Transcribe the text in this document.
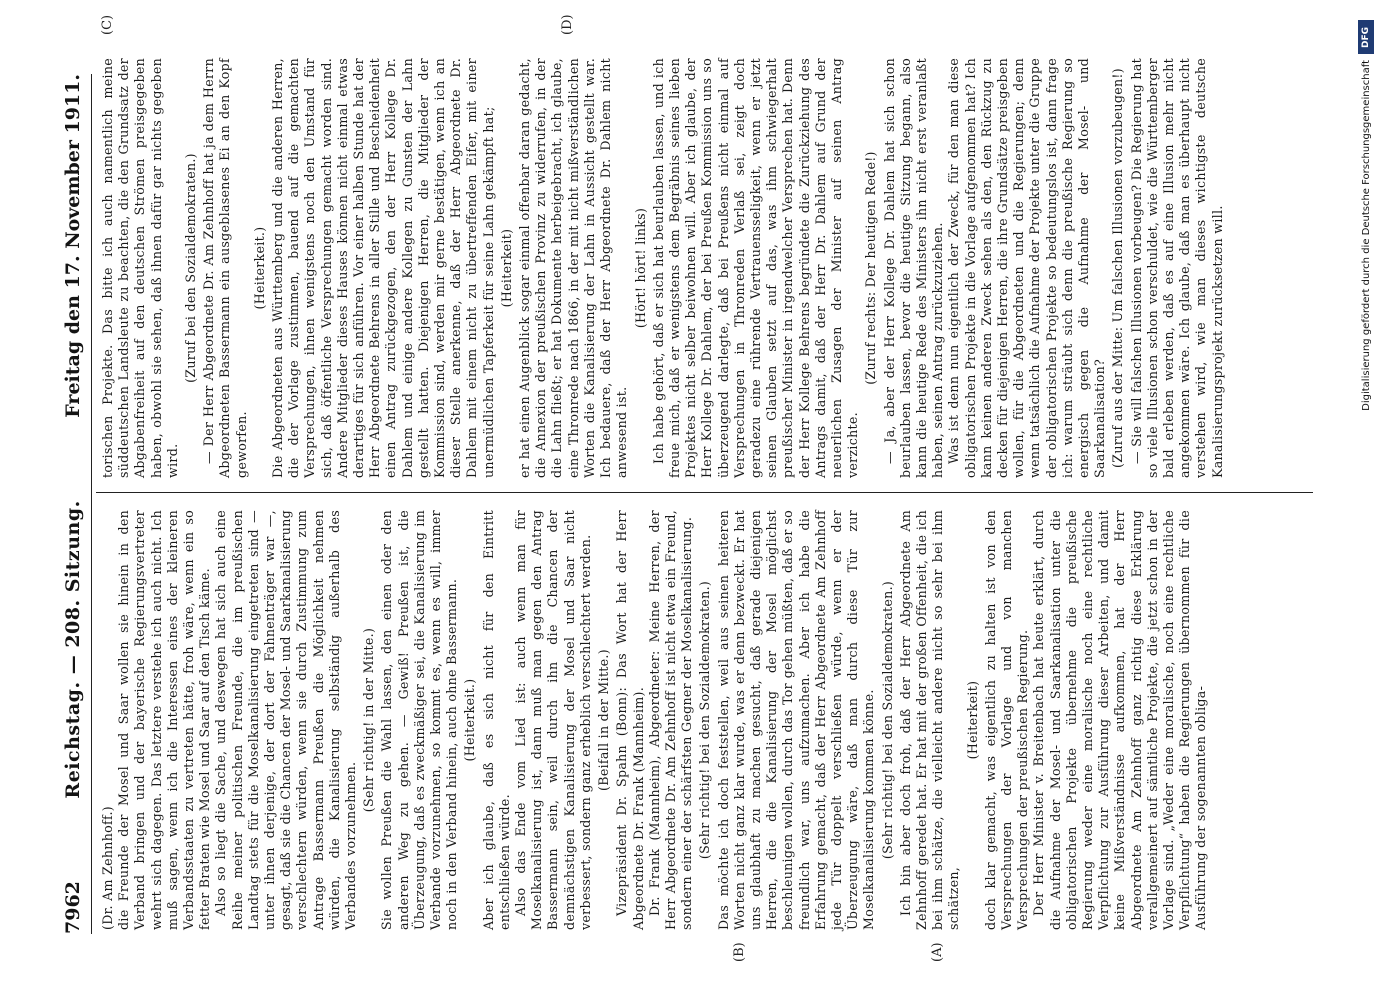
7962
Reichstag. — 208. Sitzung.
Freitag den 17. November 1911.
(A)
(B)
(C)	(D)

(Dr. Am Zehnhoff.) die Freunde der Mosel und Saar wollen sie hinein in den Verband bringen und der bayerische Regierungsvertreter wehrt sich dagegen. Das letztere verstehe ich auch nicht. Ich muß sagen, wenn ich die Interessen eines der kleineren Verbandsstaaten zu vertreten hätte, froh wäre, wenn ein so fetter Braten wie Mosel und Saar auf den Tisch käme. Also so liegt die Sache, und deswegen hat sich auch eine Reihe meiner politischen Freunde, die im preußischen Landtag stets für die Moselkanalisierung eingetreten sind — unter ihnen derjenige, der dort der Fahnenträger war —, gesagt, daß sie die Chancen der Mosel- und Saarkanalisierung verschlechtern würden, wenn sie durch Zustimmung zum Antrage Bassermann Preußen die Möglichkeit nehmen würden, die Kanalisierung selbständig außerhalb des Verbandes vorzunehmen.

(Sehr richtig! in der Mitte.) Sie wollen Preußen die Wahl lassen, den einen oder den anderen Weg zu gehen. — Gewiß! Preußen ist, die Überzeugung, daß es zweckmäßiger sei, die Kanalisierung im Verbande vorzunehmen, so kommt es, wenn es will, immer noch in den Verband hinein, auch ohne Bassermann. (Heiterkeit.) Aber ich glaube, daß es sich nicht für den Eintritt entschließen würde. Also das Ende vom Lied ist: auch wenn man für Moselkanalisierung ist, dann muß man gegen den Antrag Bassermann sein, weil durch ihn die Chancen der demnächstigen Kanalisierung der Mosel und Saar nicht verbessert, sondern ganz erheblich verschlechtert werden. (Beifall in der Mitte.) Vizepräsident Dr. Spahn (Bonn): Das Wort hat der Herr Abgeordnete Dr. Frank (Mannheim). Dr. Frank (Mannheim), Abgeordneter: Meine Herren, der Herr Abgeordnete Dr. Am Zehnhoff ist nicht etwa ein Freund, sondern einer der schärfsten Gegner der Moselkanalisierung. (Sehr richtig! bei den Sozialdemokraten.) Das möchte ich doch feststellen, weil aus seinen heiteren Worten nicht ganz klar wurde, was er denn bezweckt. Er hat uns glaubhaft zu machen gesucht, daß gerade diejenigen Herren, die die Kanalisierung der Mosel möglichst beschleunigen wollen, durch das Tor gehen müßten, daß er so freundlich war, uns aufzumachen. Aber ich habe die Erfahrung gemacht, daß der Herr Abgeordnete Am Zehnhoff jede Tür doppelt verschließen würde, wenn er der Überzeugung wäre, daß man durch diese Tür zur Moselkanalisierung kommen könne. (Sehr richtig! bei den Sozialdemokraten.) Ich bin aber doch froh, daß der Herr Abgeordnete Am Zehnhoff geredet hat. Er hat mit der großen Offenheit, die ich bei ihm schätze, die vielleicht andere nicht so sehr bei ihm schätzen,

(Heiterkeit) doch klar gemacht, was eigentlich zu halten ist von den Versprechungen der Vorlage und von manchen Versprechungen der preußischen Regierung. Der Herr Minister v. Breitenbach hat heute erklärt, durch die Aufnahme der Mosel- und Saarkanalisation unter die obligatorischen Projekte übernehme die preußische Regierung weder eine moralische noch eine rechtliche Verpflichtung zur Ausführung dieser Arbeiten, und damit keine Mißverständnisse aufkommen, hat der Herr Abgeordnete Am Zehnhoff ganz richtig diese Erklärung verallgemeinert auf sämtliche Projekte, die jetzt schon in der Vorlage sind. „Weder eine moralische, noch eine rechtliche Verpflichtung“ haben die Regierungen übernommen für die Ausführung der sogenannten obliga-

torischen Projekte. Das bitte ich auch namentlich meine süddeutschen Landsleute zu beachten, die den Grundsatz der Abgabenfreiheit auf den deutschen Strömen preisgegeben haben, obwohl sie sehen, daß ihnen dafür gar nichts gegeben wird.

(Zuruf bei den Sozialdemokraten.) — Der Herr Abgeordnete Dr. Am Zehnhoff hat ja dem Herrn Abgeordneten Bassermann ein ausgeblasenes Ei an den Kopf geworfen.

(Heiterkeit.) Die Abgeordneten aus Württemberg und die anderen Herren, die der Vorlage zustimmen, bauend auf die gemachten Versprechungen, ihnen wenigstens noch den Umstand für sich, daß öffentliche Versprechungen gemacht worden sind. Andere Mitglieder dieses Hauses können nicht einmal etwas derartiges für sich anführen. Vor einer halben Stunde hat der Herr Abgeordnete Behrens in aller Stille und Bescheidenheit einen Antrag zurückgezogen, den der Herr Kollege Dr. Dahlem und einige andere Kollegen zu Gunsten der Lahn gestellt hatten. Diejenigen Herren, die Mitglieder der Kommission sind, werden mir gerne bestätigen, wenn ich an dieser Stelle anerkenne, daß der Herr Abgeordnete Dr. Dahlem mit einem nicht zu übertreffenden Eifer, mit einer unermüdlichen Tapferkeit für seine Lahn gekämpft hat; (Heiterkeit) er hat einen Augenblick sogar einmal offenbar daran gedacht, die Annexion der preußischen Provinz zu widerrufen, in der die Lahn fließt; er hat Dokumente herbeigebracht, ich glaube, eine Thronrede nach 1866, in der mit nicht mißverständlichen Worten die Kanalisierung der Lahn in Aussicht gestellt war. Ich bedauere, daß der Herr Abgeordnete Dr. Dahlem nicht anwesend ist.

(Hört! hört! links) Ich habe gehört, daß er sich hat beurlauben lassen, und ich freue mich, daß er wenigstens dem Begräbnis seines lieben Projektes nicht selber beiwohnen will. Aber ich glaube, der Herr Kollege Dr. Dahlem, der bei Preußen Kommission uns so überzeugend darlegte, daß bei Preußens nicht einmal auf Versprechungen in Thronreden Verlaß sei, zeigt doch geradezu eine rührende Vertrauensseligkeit, wenn er jetzt seinen Glauben setzt auf das, was ihm schwiegerhalt preußischer Minister in irgendwelcher Versprechen hat. Denn der Herr Kollege Behrens begründete die Zurückziehung des Antrags damit, daß der Herr Dr. Dahlem auf Grund der neuerlichen Zusagen der Minister auf seinen Antrag verzichte.

(Zuruf rechts: Der heutigen Rede!) — Ja, aber der Herr Kollege Dr. Dahlem hat sich schon beurlauben lassen, bevor die heutige Sitzung begann, also kann die heutige Rede des Ministers ihn nicht erst veranlaßt haben, seinen Antrag zurückzuziehen. Was ist denn nun eigentlich der Zweck, für den man diese obligatorischen Projekte in die Vorlage aufgenommen hat? Ich kann keinen anderen Zweck sehen als den, den Rückzug zu decken für diejenigen Herren, die ihre Grundsätze preisgeben wollen, für die Abgeordneten und die Regierungen; denn wenn tatsächlich die Aufnahme der Projekte unter die Gruppe der obligatorischen Projekte so bedeutungslos ist, dann frage ich: warum sträubt sich denn die preußische Regierung so energisch gegen die Aufnahme der Mosel- und Saarkanalisation? (Zuruf aus der Mitte: Um falschen Illusionen vorzubeugen!) — Sie will falschen Illusionen vorbeugen? Die Regierung hat so viele Illusionen schon verschuldet, wie die Württemberger bald erleben werden, daß es auf eine Illusion mehr nicht angekommen wäre. Ich glaube, daß man es überhaupt nicht verstehen wird, wie man dieses wichtigste deutsche Kanalisierungsprojekt zurücksetzen will.

DFG
Digitalisierung gefördert durch die Deutsche Forschungsgemeinschaft
